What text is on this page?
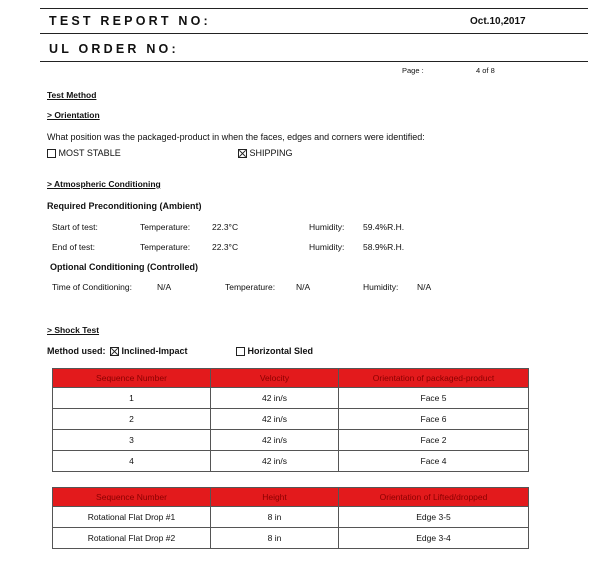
TEST REPORT NO:	Oct.10,2017
UL ORDER NO:
Page :	4 of 8
Test Method
> Orientation
What position was the packaged-product in when the faces, edges and corners were identified:
MOST STABLE	SHIPPING
> Atmospheric Conditioning
Required Preconditioning (Ambient)
Start of test:	Temperature:	22.3°C	Humidity: 59.4%R.H.
End of test:	Temperature:	22.3°C	Humidity: 58.9%R.H.
Optional Conditioning (Controlled)
Time of Conditioning:	N/A	Temperature: N/A	Humidity: N/A
> Shock Test
Method used: Inclined-Impact	Horizontal Sled
Sequence Number	Velocity	Orientation of packaged-product
1	42 in/s	Face 5
2	42 in/s	Face 6
3	42 in/s	Face 2
4	42 in/s	Face 4
Sequence Number	Height	Orientation of Lifted/dropped
Rotational Flat Drop #1	8 in	Edge 3-5
Rotational Flat Drop #2	8 in	Edge 3-4
